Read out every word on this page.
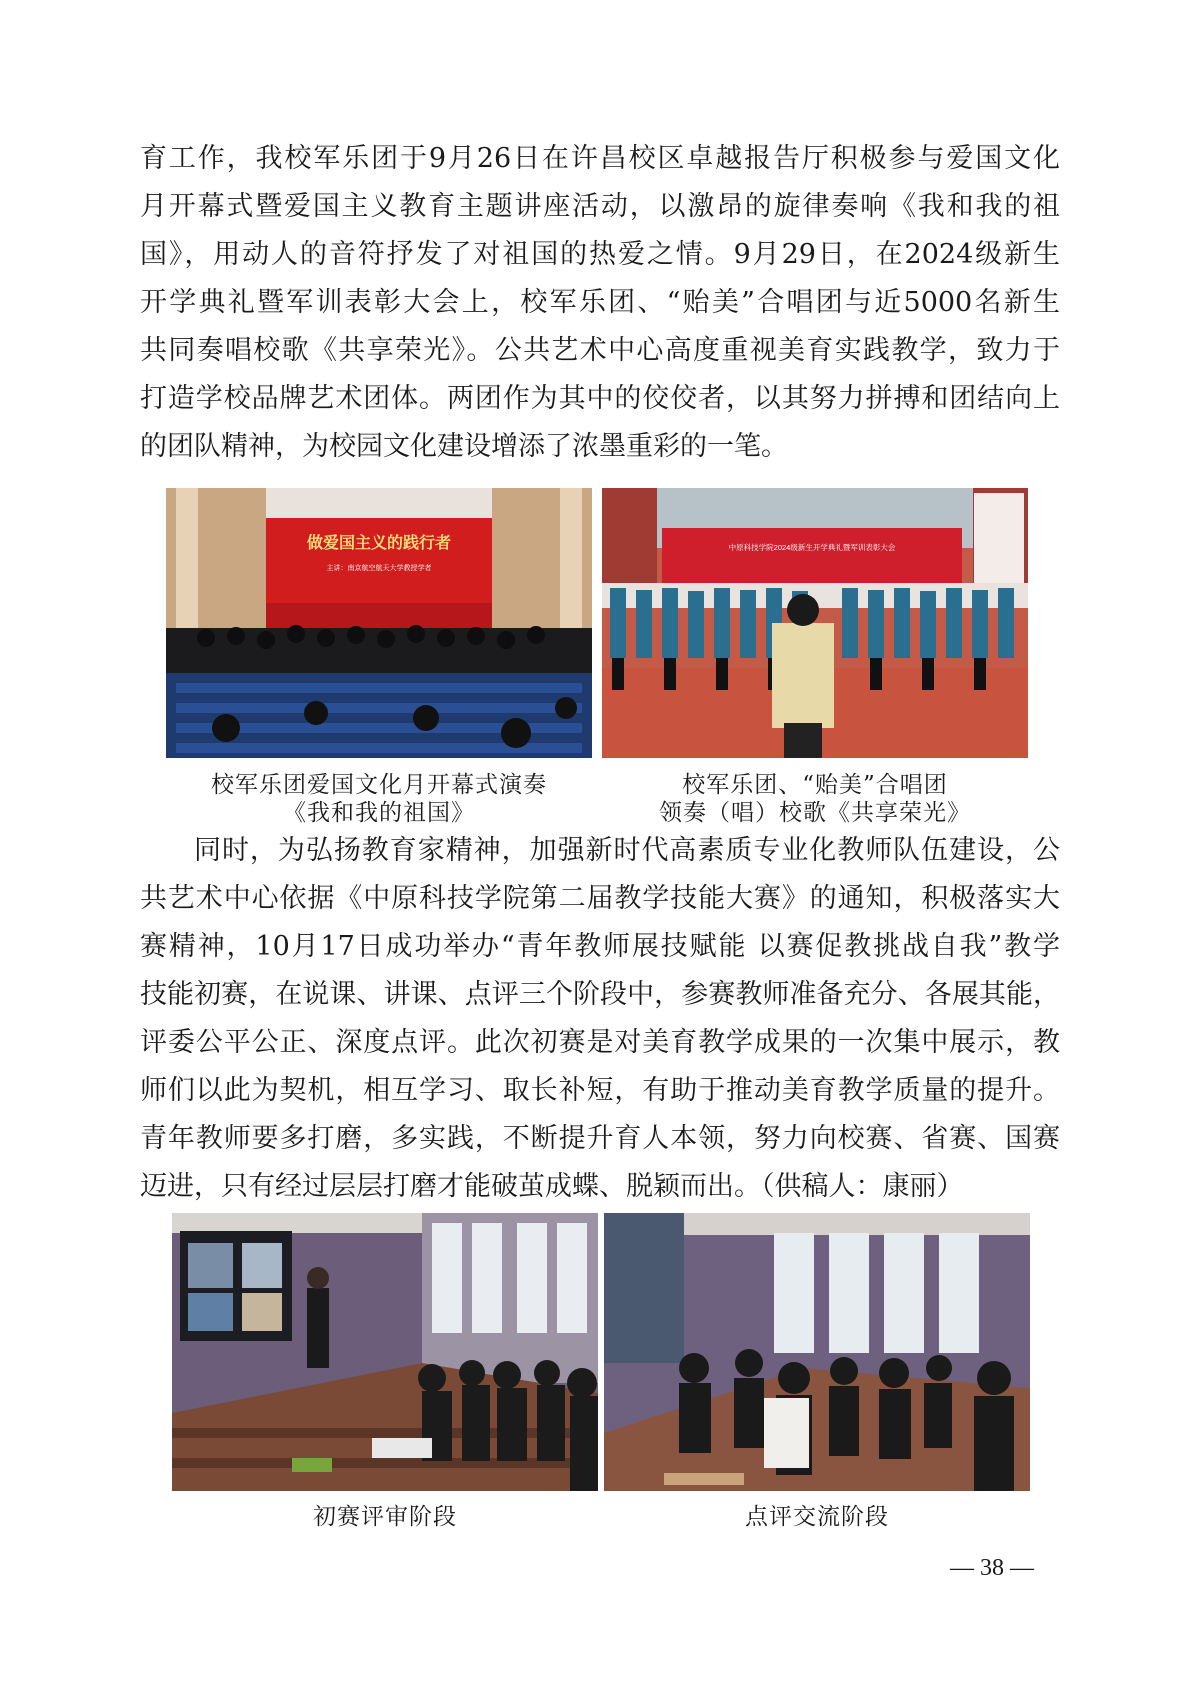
育工作，我校军乐团于9月26日在许昌校区卓越报告厅积极参与爱国文化
月开幕式暨爱国主义教育主题讲座活动，以激昂的旋律奏响《我和我的祖
国》，用动人的音符抒发了对祖国的热爱之情。9月29日，在2024级新生
开学典礼暨军训表彰大会上，校军乐团、“贻美”合唱团与近5000名新生
共同奏唱校歌《共享荣光》。公共艺术中心高度重视美育实践教学，致力于
打造学校品牌艺术团体。两团作为其中的佼佼者，以其努力拼搏和团结向上
的团队精神，为校园文化建设增添了浓墨重彩的一笔。
做爱国主义的践行者
主讲：南京航空航天大学教授学者
中原科技学院2024级新生开学典礼暨军训表彰大会
校军乐团爱国文化月开幕式演奏
《我和我的祖国》
校军乐团、“贻美”合唱团
领奏（唱）校歌《共享荣光》
同时，为弘扬教育家精神，加强新时代高素质专业化教师队伍建设，公
共艺术中心依据《中原科技学院第二届教学技能大赛》的通知，积极落实大
赛精神，10月17日成功举办“青年教师展技赋能 以赛促教挑战自我”教学
技能初赛，在说课、讲课、点评三个阶段中，参赛教师准备充分、各展其能，
评委公平公正、深度点评。此次初赛是对美育教学成果的一次集中展示，教
师们以此为契机，相互学习、取长补短，有助于推动美育教学质量的提升。
青年教师要多打磨，多实践，不断提升育人本领，努力向校赛、省赛、国赛
迈进，只有经过层层打磨才能破茧成蝶、脱颖而出。（供稿人：康丽）
初赛评审阶段	点评交流阶段
— 38 —
